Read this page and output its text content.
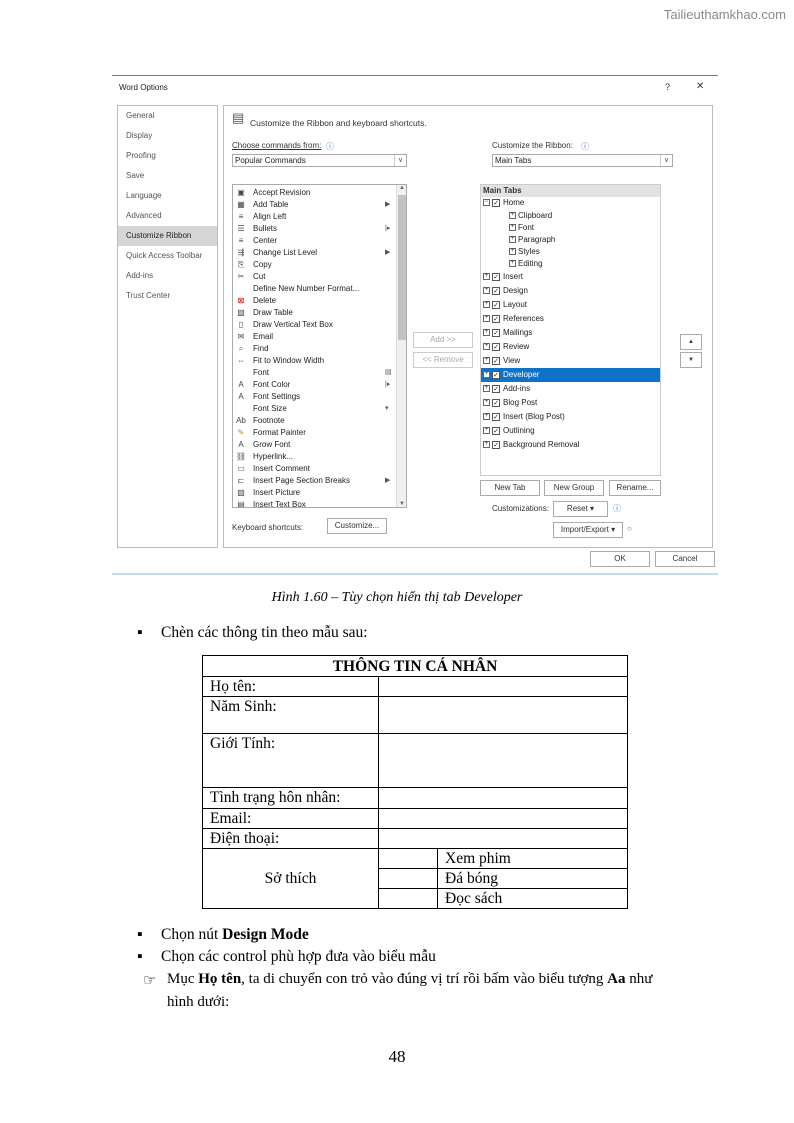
Tailieuthamkhao.com
Word Options	?	✕
General
Display
Proofing
Save
Language
Advanced
Customize Ribbon
Quick Access Toolbar
Add-ins
Trust Center
▤ Customize the Ribbon and keyboard shortcuts.
Choose commands from: ⓘ
Popular Commands	∨
Customize the Ribbon: ⓘ
Main Tabs	∨
▣ Accept Revision
▦ Add Table	▶
≡ Align Left
☰ Bullets	|▸
≡ Center
⇶ Change List Level	▶
⎘ Copy
✂ Cut
Define New Number Format...
⊠ Delete
▧ Draw Table
▯ Draw Vertical Text Box
✉ Email
⌕ Find
⇔ Fit to Window Width
Font	▤
A Font Color	|▸
A Font Settings
Font Size	▾
Ab Footnote
✎ Format Painter
A Grow Font
⛓ Hyperlink...
▭ Insert Comment
⊏ Insert Page Section Breaks	▶
▨ Insert Picture
▤ Insert Text Box
▲
▼
Add >>
<< Remove
Main Tabs
− ✓ Home
+ Clipboard
+ Font
+ Paragraph
+ Styles
+ Editing
+ ✓ Insert
+ ✓ Design
+ ✓ Layout
+ ✓ References
+ ✓ Mailings
+ ✓ Review
+ ✓ View
+ ✓ Developer
+ ✓ Add-ins
+ ✓ Blog Post
+ ✓ Insert (Blog Post)
+ ✓ Outlining
+ ✓ Background Removal
▲
▼
New Tab	New Group	Rename...
Customizations:	Reset ▾	ⓘ
Import/Export ▾	○
Keyboard shortcuts:	Customize...
OK	Cancel
Hình 1.60 – Tùy chọn hiển thị tab Developer
▪ Chèn các thông tin theo mẫu sau:
THÔNG TIN CÁ NHÂN		
Họ tên:		
Năm Sinh:		
Giới Tính:		
Tình trạng hôn nhân:		
Email:		
Điện thoại:		
Sở thích		Xem phim
		Đá bóng
		Đọc sách
▪ Chọn nút Design Mode
▪ Chọn các control phù hợp đưa vào biểu mẫu
☞ Mục Họ tên, ta di chuyển con trỏ vào đúng vị trí rồi bấm vào biểu tượng Aa như
hình dưới:
48
